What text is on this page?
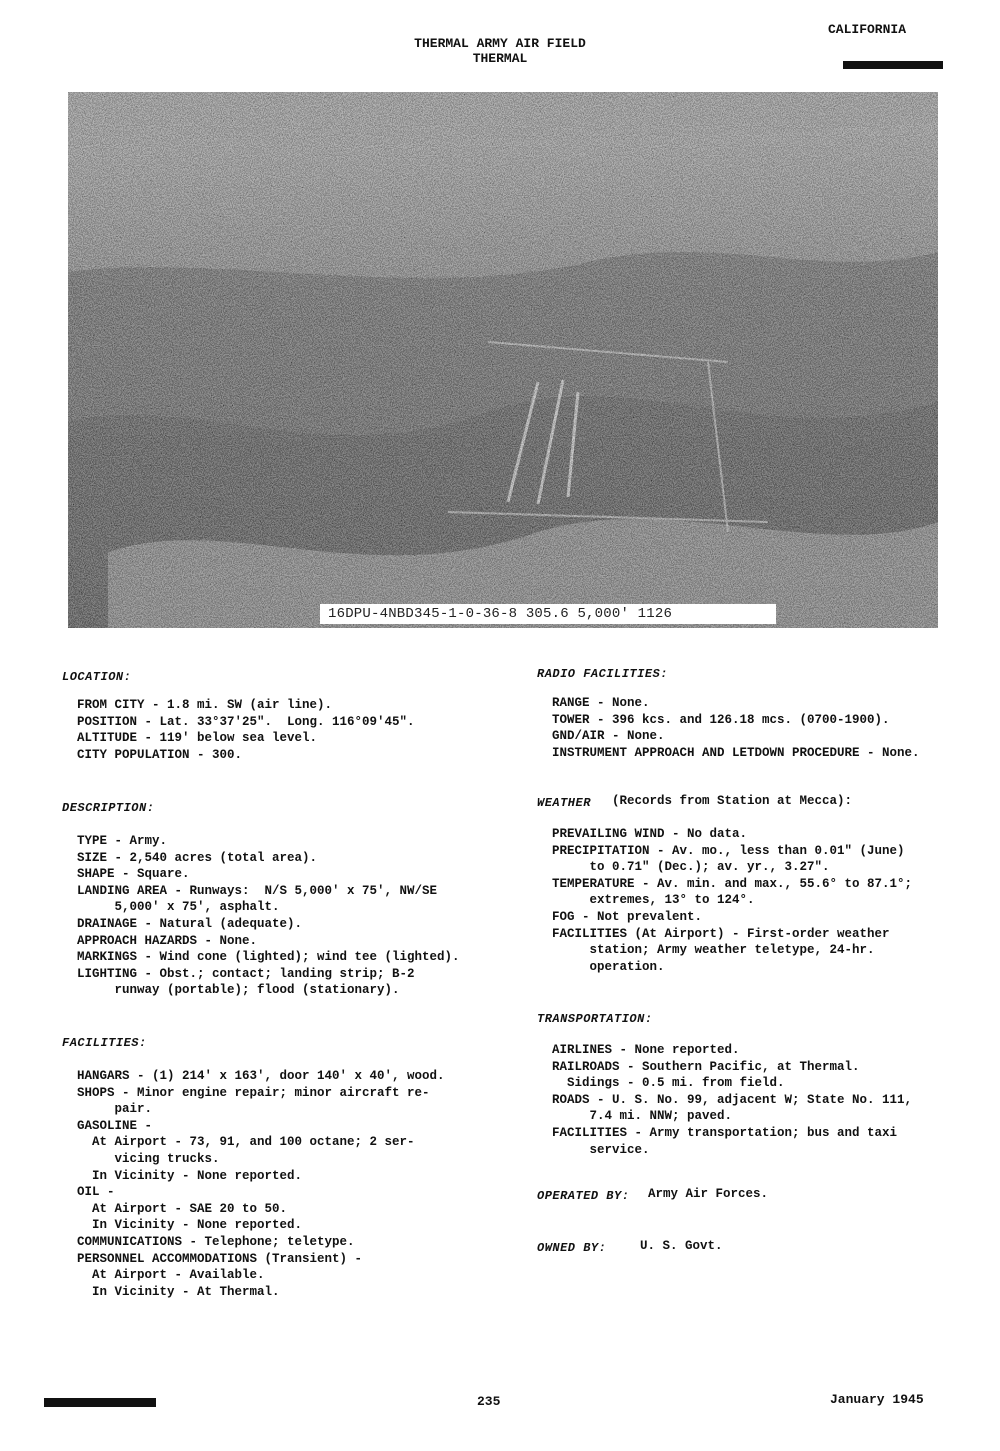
THERMAL ARMY AIR FIELD
THERMAL
CALIFORNIA
16DPU-4NBD345-1-0-36-8 305.6 5,000' 1126
LOCATION:
FROM CITY - 1.8 mi. SW (air line).
POSITION - Lat. 33°37'25".  Long. 116°09'45".
ALTITUDE - 119' below sea level.
CITY POPULATION - 300.
DESCRIPTION:
TYPE - Army.
SIZE - 2,540 acres (total area).
SHAPE - Square.
LANDING AREA - Runways:  N/S 5,000' x 75', NW/SE
5,000' x 75', asphalt.
DRAINAGE - Natural (adequate).
APPROACH HAZARDS - None.
MARKINGS - Wind cone (lighted); wind tee (lighted).
LIGHTING - Obst.; contact; landing strip; B-2
runway (portable); flood (stationary).
FACILITIES:
HANGARS - (1) 214' x 163', door 140' x 40', wood.
SHOPS - Minor engine repair; minor aircraft re-
pair.
GASOLINE -
At Airport - 73, 91, and 100 octane; 2 ser-
vicing trucks.
In Vicinity - None reported.
OIL -
At Airport - SAE 20 to 50.
In Vicinity - None reported.
COMMUNICATIONS - Telephone; teletype.
PERSONNEL ACCOMMODATIONS (Transient) -
At Airport - Available.
In Vicinity - At Thermal.
RADIO FACILITIES:
RANGE - None.
TOWER - 396 kcs. and 126.18 mcs. (0700-1900).
GND/AIR - None.
INSTRUMENT APPROACH AND LETDOWN PROCEDURE - None.
WEATHER (Records from Station at Mecca):
PREVAILING WIND - No data.
PRECIPITATION - Av. mo., less than 0.01" (June)
to 0.71" (Dec.); av. yr., 3.27".
TEMPERATURE - Av. min. and max., 55.6° to 87.1°;
extremes, 13° to 124°.
FOG - Not prevalent.
FACILITIES (At Airport) - First-order weather
station; Army weather teletype, 24-hr.
operation.
TRANSPORTATION:
AIRLINES - None reported.
RAILROADS - Southern Pacific, at Thermal.
Sidings - 0.5 mi. from field.
ROADS - U. S. No. 99, adjacent W; State No. 111,
7.4 mi. NNW; paved.
FACILITIES - Army transportation; bus and taxi
service.
OPERATED BY: Army Air Forces.
OWNED BY:	U. S. Govt.
235	January 1945
